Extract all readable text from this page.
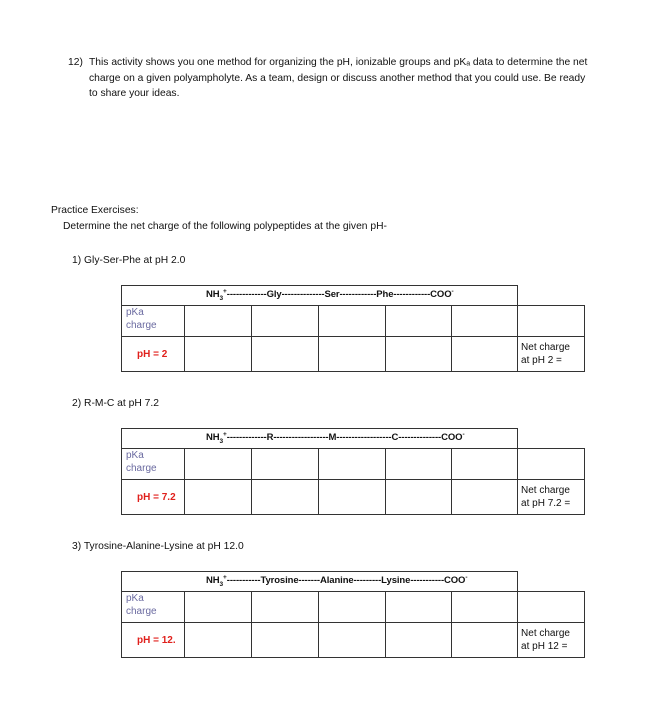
12) This activity shows you one method for organizing the pH, ionizable groups and pKₐ data to determine the net charge on a given polyampholyte. As a team, design or discuss another method that you could use. Be ready to share your ideas.
Practice Exercises:
Determine the net charge of the following polypeptides at the given pH-
1) Gly-Ser-Phe at pH 2.0
$NH_3^+-------------Gly--------------Ser------------Phe------------COO^-$	

pKa
charge						

pH = 2						Net charge
at pH 2 =
2) R-M-C at pH 7.2
$NH_3^+-------------R------------------M------------------C--------------COO^-$	

pKa
charge						

pH = 7.2						Net charge
at pH 7.2 =
3) Tyrosine-Alanine-Lysine at pH 12.0
$NH_3^+-----------Tyrosine-------Alanine---------Lysine-----------COO^-$	

pKa
charge						

pH = 12.						Net charge
at pH 12 =
